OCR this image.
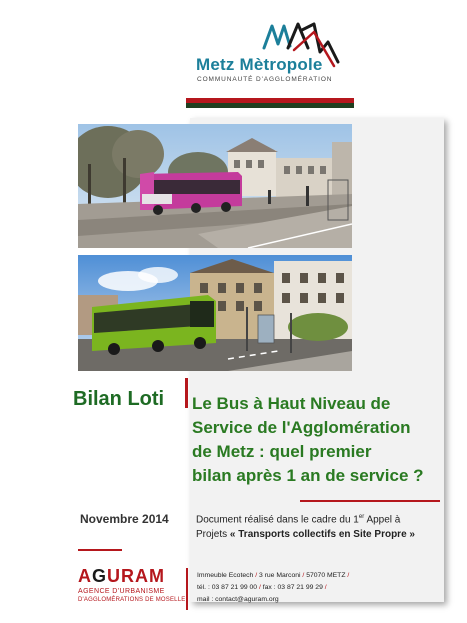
Metz Mètropole
COMMUNAUTÉ D'AGGLOMÉRATION
Bilan Loti Le Bus à Haut Niveau de
Service de l'Agglomération
de Metz : quel premier
bilan après 1 an de service ?
Novembre 2014	Document réalisé dans le cadre du 1er Appel à
Projets « Transports collectifs en Site Propre »
AGURAM
AGENCE D'URBANISME
D'AGGLOMÉRATIONS DE MOSELLE
Immeuble Ecotech / 3 rue Marconi / 57070 METZ /
tél. : 03 87 21 99 00 / fax : 03 87 21 99 29 /
mail : contact@aguram.org
